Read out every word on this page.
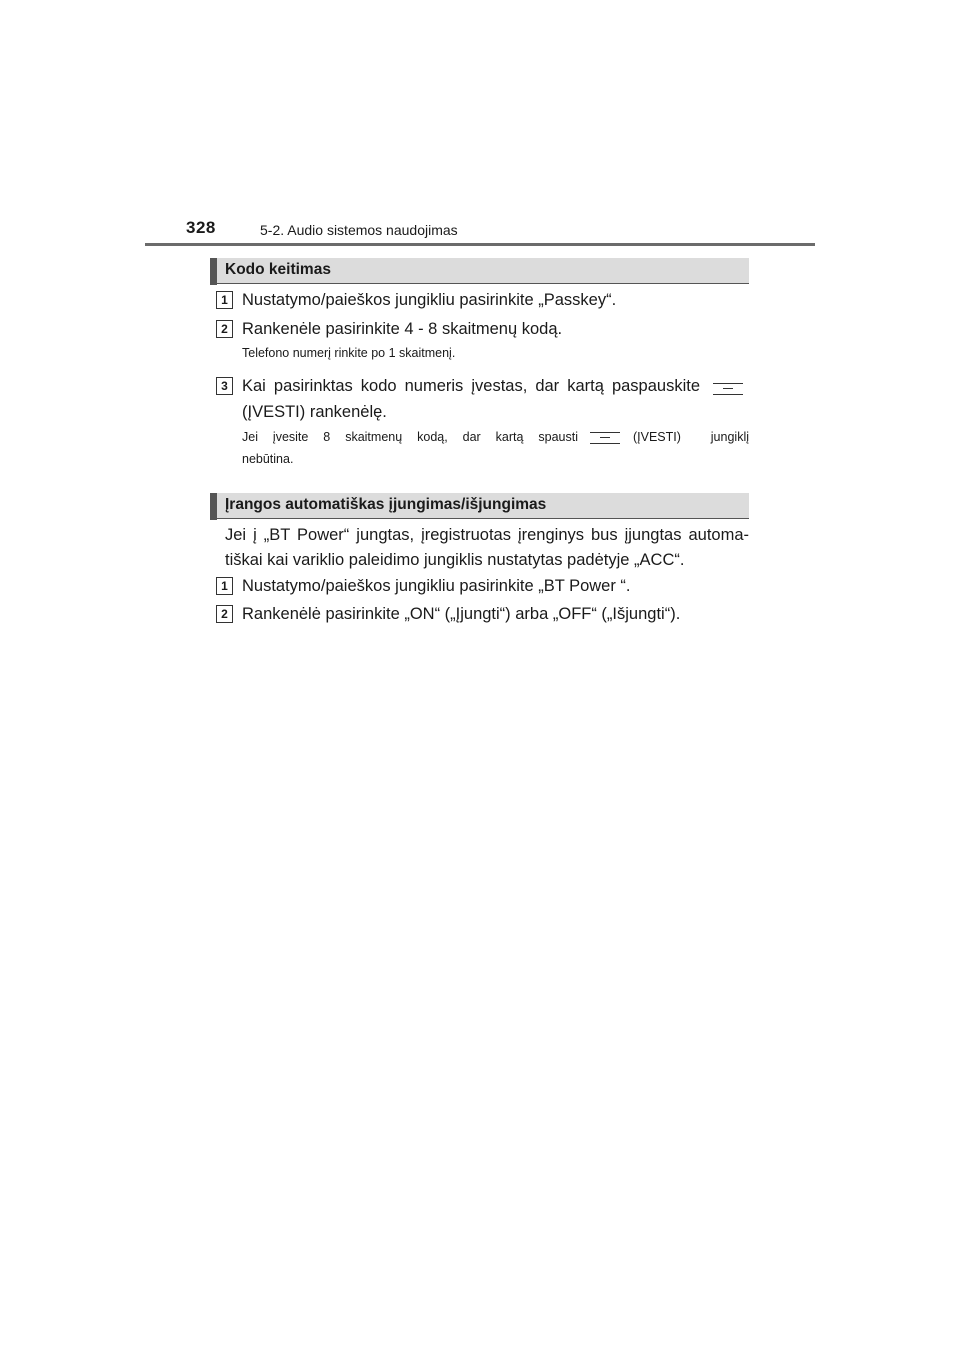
328	5-2. Audio sistemos naudojimas
Kodo keitimas
1 Nustatymo/paieškos jungikliu pasirinkite „Passkey“.
2 Rankenėle pasirinkite 4 - 8 skaitmenų kodą.
Telefono numerį rinkite po 1 skaitmenį.
3 Kai pasirinktas kodo numeris įvestas, dar kartą paspauskite
(ĮVESTI) rankenėlę.
Jei įvesite 8 skaitmenų kodą, dar kartą spausti	(ĮVESTI) jungiklį
nebūtina.
Įrangos automatiškas įjungimas/išjungimas
Jei į „BT Power“ jungtas, įregistruotas įrenginys bus įjungtas automa-
tiškai kai variklio paleidimo jungiklis nustatytas padėtyje „ACC“.
1 Nustatymo/paieškos jungikliu pasirinkite „BT Power “.
2 Rankenėlė pasirinkite „ON“ („Įjungti“) arba „OFF“ („Išjungti“).
